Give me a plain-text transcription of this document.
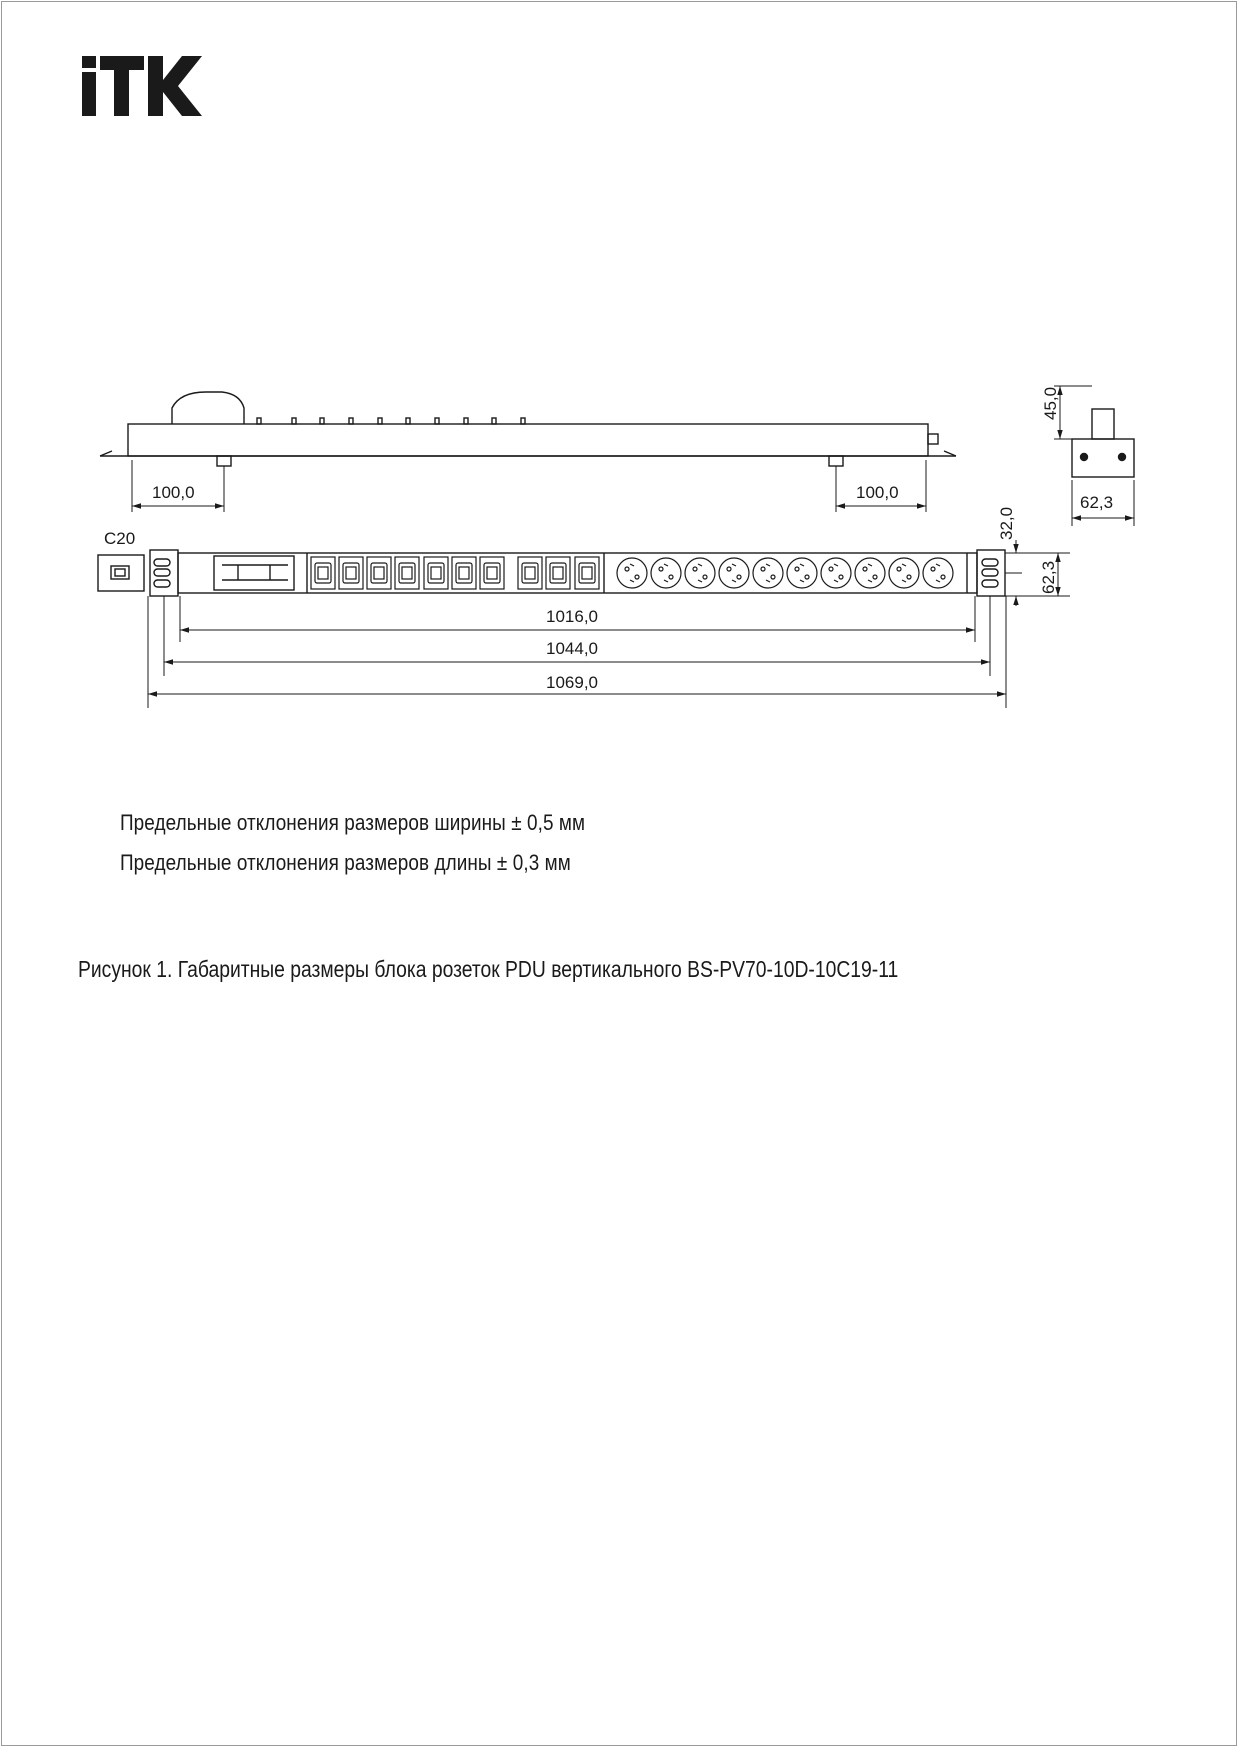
100,0	100,0
45,0
62,3
C20	32,0
62,3
1016,0
1044,0
1069,0
Предельные отклонения размеров ширины ± 0,5 мм
Предельные отклонения размеров длины ± 0,3 мм
Рисунок 1. Габаритные размеры блока розеток PDU вертикального BS-PV70-10D-10C19-11
